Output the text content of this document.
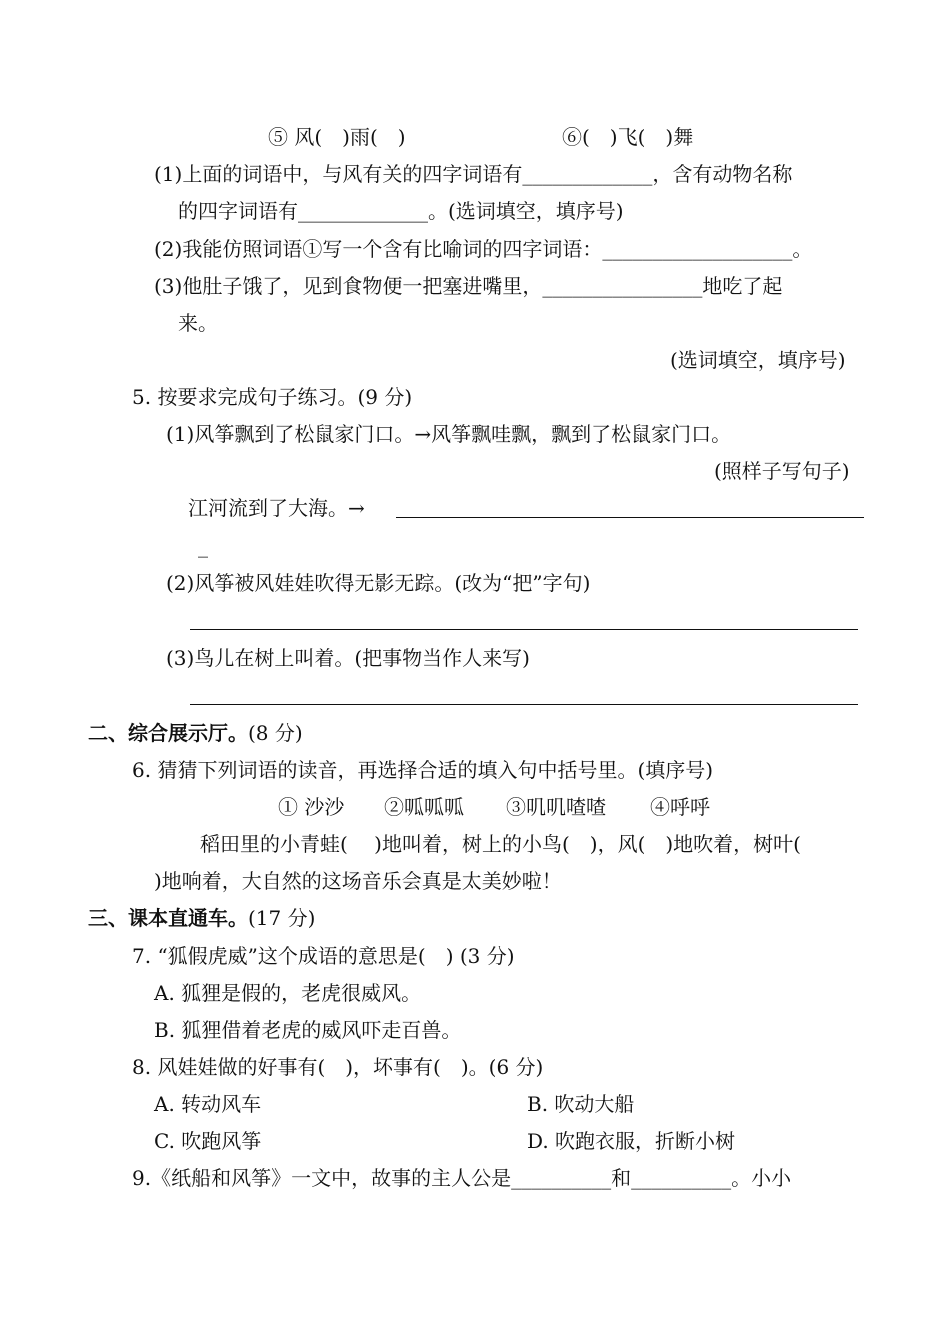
⑤ 风(　)雨(　)	⑥(　)飞(　)舞
(1)上面的词语中，与风有关的四字词语有_____________，含有动物名称
的四字词语有_____________。(选词填空，填序号)
(2)我能仿照词语①写一个含有比喻词的四字词语：___________________。
(3)他肚子饿了，见到食物便一把塞进嘴里，________________地吃了起
来。
(选词填空，填序号)
5. 按要求完成句子练习。(9 分)
(1)风筝飘到了松鼠家门口。→风筝飘哇飘，飘到了松鼠家门口。
(照样子写句子)
江河流到了大海。→
_
(2)风筝被风娃娃吹得无影无踪。(改为“把”字句)
(3)鸟儿在树上叫着。(把事物当作人来写)
二、综合展示厅。(8 分)
6. 猜猜下列词语的读音，再选择合适的填入句中括号里。(填序号)
① 沙沙 ②呱呱呱 ③叽叽喳喳 ④呼呼
稻田里的小青蛙(　 )地叫着，树上的小鸟(　)，风(　)地吹着，树叶(
)地响着，大自然的这场音乐会真是太美妙啦！
三、课本直通车。(17 分)
7. “狐假虎威”这个成语的意思是(　) (3 分)
A. 狐狸是假的，老虎很威风。
B. 狐狸借着老虎的威风吓走百兽。
8. 风娃娃做的好事有(　)，坏事有(　)。(6 分)
A. 转动风车	B. 吹动大船
C. 吹跑风筝	D. 吹跑衣服，折断小树
9.《纸船和风筝》一文中，故事的主人公是__________和__________。小小
